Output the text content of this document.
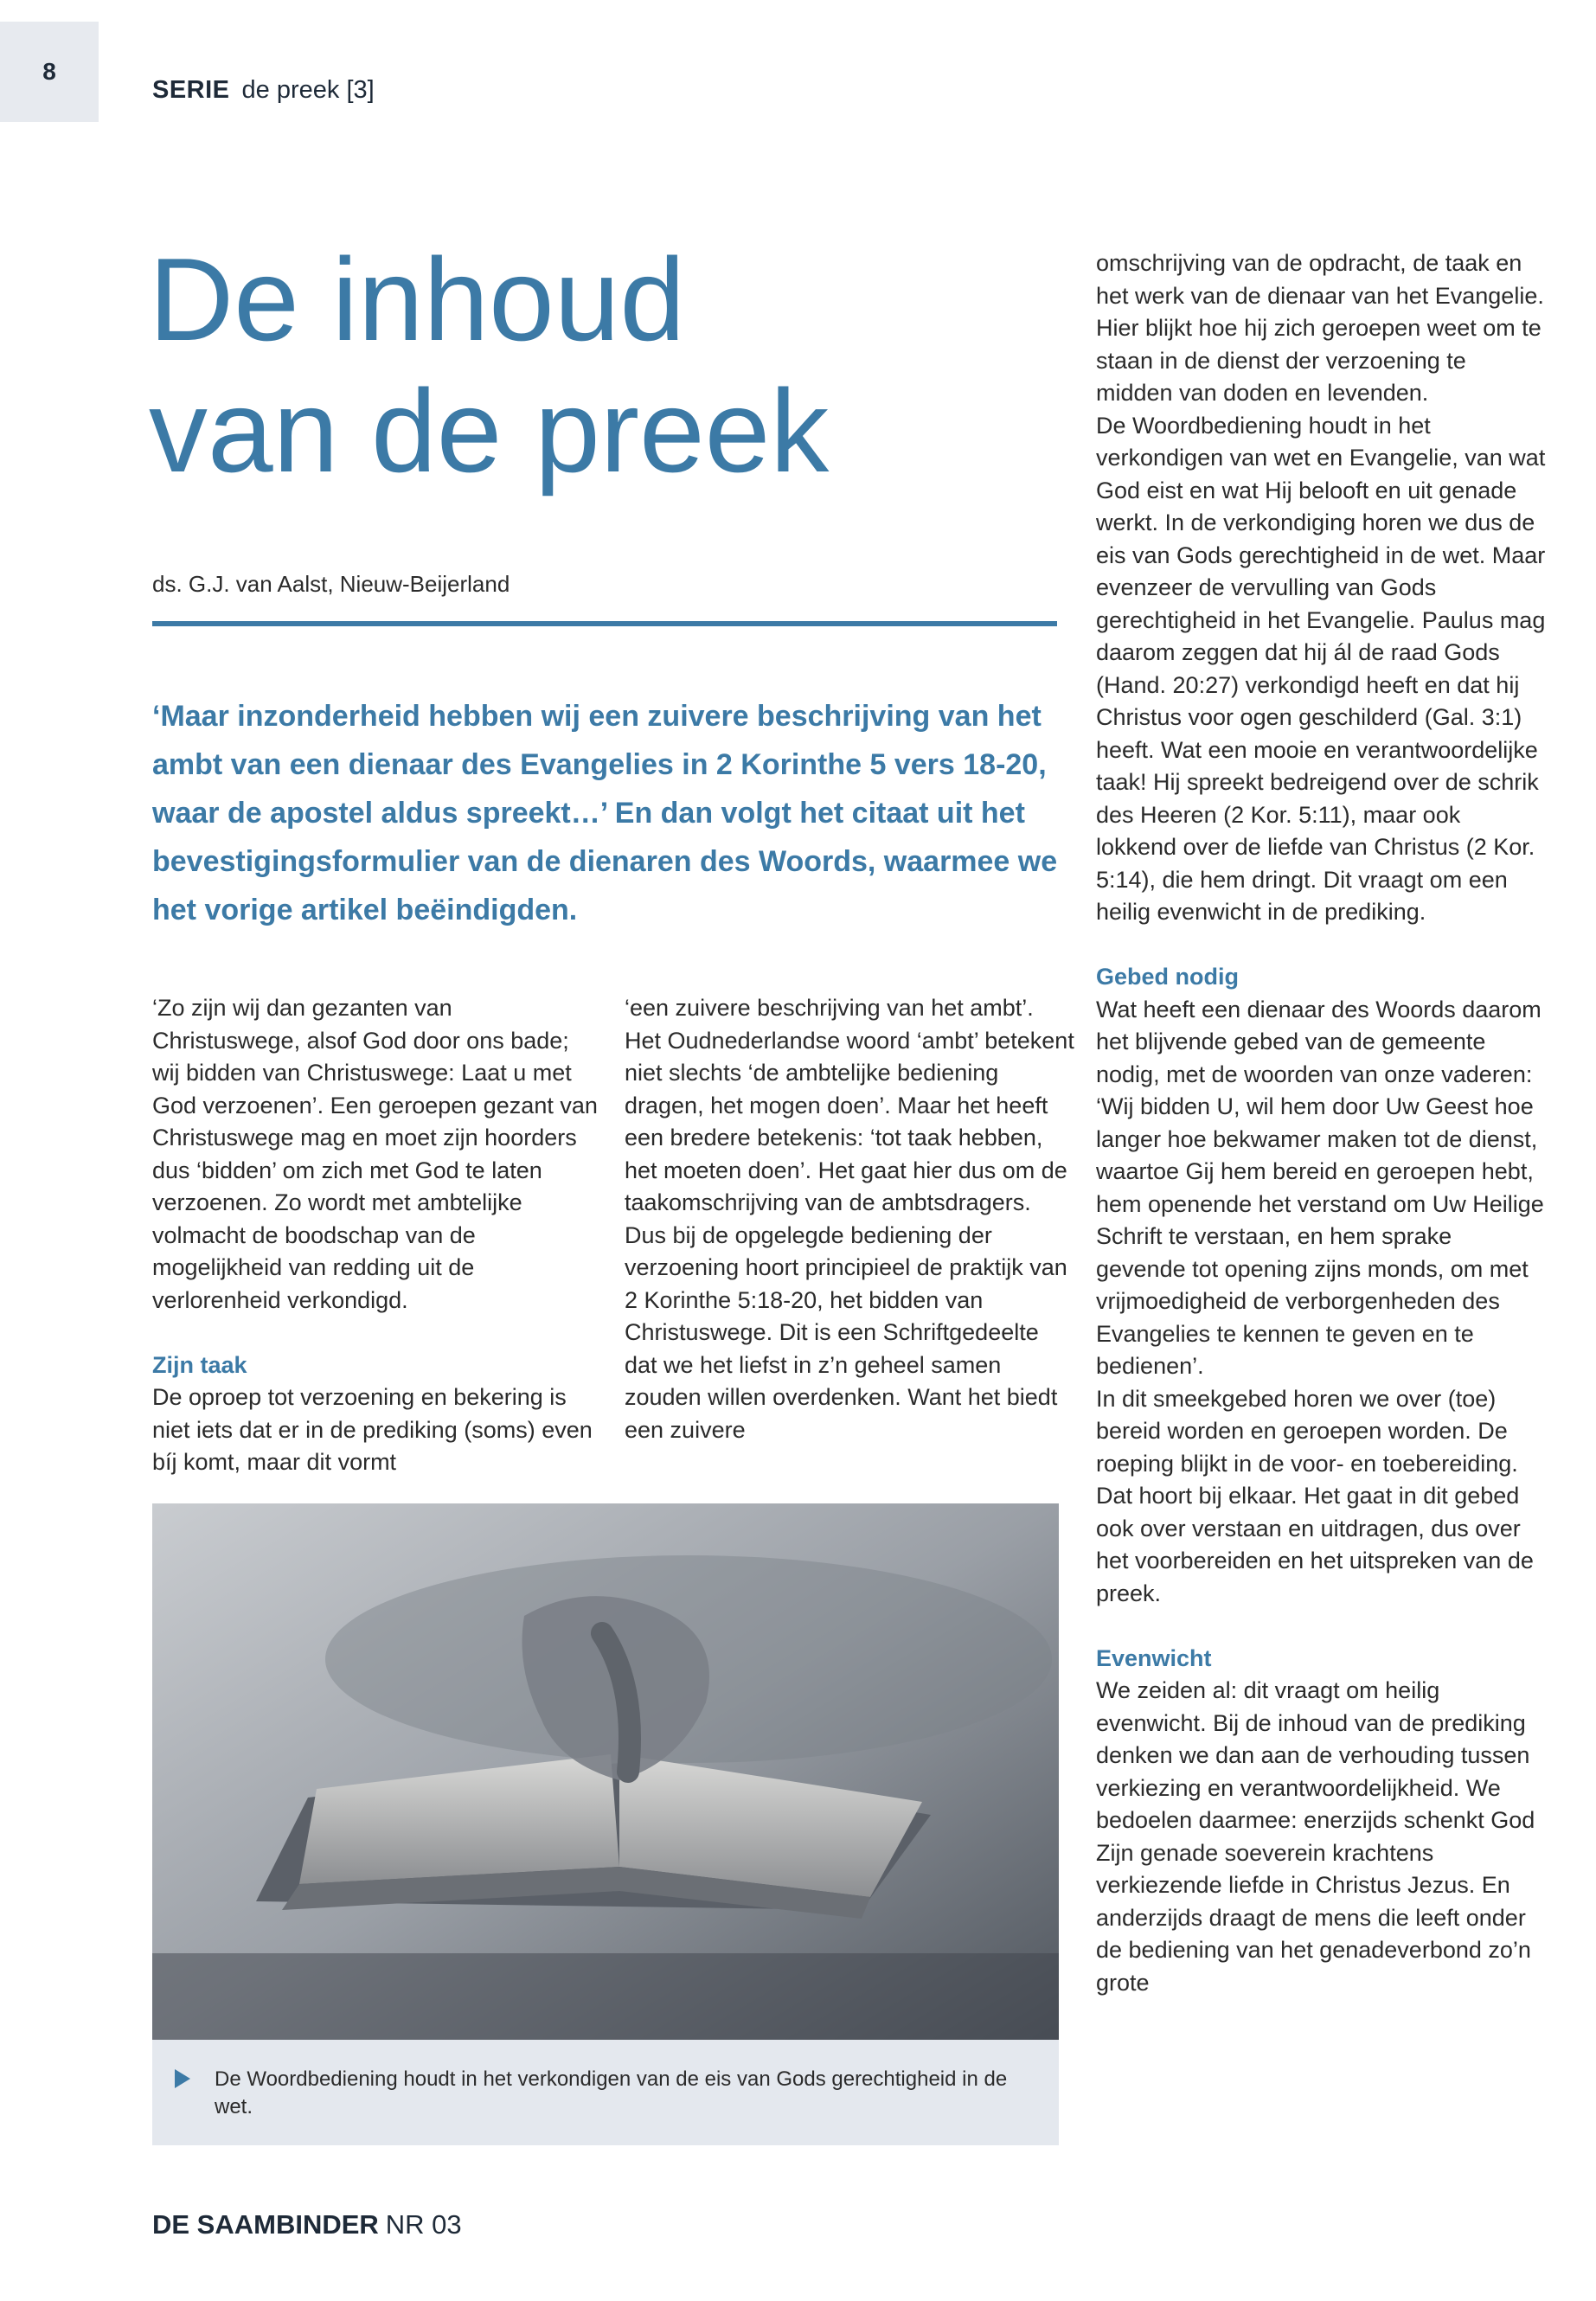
8
SERIE de preek [3]
De inhoud
van de preek
ds. G.J. van Aalst, Nieuw-Beijerland

‘Maar inzonderheid hebben wij een zuivere beschrijving van het ambt van een dienaar des Evangelies in 2 Korinthe 5 vers 18-20, waar de apostel aldus spreekt…’ En dan volgt het citaat uit het bevestigingsformulier van de dienaren des Woords, waarmee we het vorige artikel beëindigden.

‘Zo zijn wij dan gezanten van Christuswege, alsof God door ons bade; wij bidden van Christuswege: Laat u met God verzoenen’. Een geroepen gezant van Christuswege mag en moet zijn hoorders dus ‘bidden’ om zich met God te laten verzoenen. Zo wordt met ambtelijke volmacht de boodschap van de mogelijkheid van redding uit de verlorenheid verkondigd.

Zijn taak

De oproep tot verzoening en bekering is niet iets dat er in de prediking (soms) even bíj komt, maar dit vormt

‘een zuivere beschrijving van het ambt’. Het Oudnederlandse woord ‘ambt’ betekent niet slechts ‘de ambtelijke bediening dragen, het mogen doen’. Maar het heeft een bredere betekenis: ‘tot taak hebben, het moeten doen’. Het gaat hier dus om de taakomschrijving van de ambtsdragers. Dus bij de opgelegde bediening der verzoening hoort principieel de praktijk van 2 Korinthe 5:18-20, het bidden van Christuswege. Dit is een Schriftgedeelte dat we het liefst in z’n geheel samen zouden willen overdenken. Want het biedt een zuivere

omschrijving van de opdracht, de taak en het werk van de dienaar van het Evangelie. Hier blijkt hoe hij zich geroepen weet om te staan in de dienst der verzoening te midden van doden en levenden.

De Woordbediening houdt in het verkondigen van wet en Evangelie, van wat God eist en wat Hij belooft en uit genade werkt. In de verkondiging horen we dus de eis van Gods gerechtigheid in de wet. Maar evenzeer de vervulling van Gods gerechtigheid in het Evangelie. Paulus mag daarom zeggen dat hij ál de raad Gods (Hand. 20:27) verkondigd heeft en dat hij Christus voor ogen geschilderd (Gal. 3:1) heeft. Wat een mooie en verantwoordelijke taak! Hij spreekt bedreigend over de schrik des Heeren (2 Kor. 5:11), maar ook lokkend over de liefde van Christus (2 Kor. 5:14), die hem dringt. Dit vraagt om een heilig evenwicht in de prediking.

Gebed nodig

Wat heeft een dienaar des Woords daarom het blijvende gebed van de gemeente nodig, met de woorden van onze vaderen: ‘Wij bidden U, wil hem door Uw Geest hoe langer hoe bekwamer maken tot de dienst, waartoe Gij hem bereid en geroepen hebt, hem openende het verstand om Uw Heilige Schrift te verstaan, en hem sprake gevende tot opening zijns monds, om met vrijmoedigheid de verborgenheden des Evangelies te kennen te geven en te bedienen’.

In dit smeekgebed horen we over (toe) bereid worden en geroepen worden. De roeping blijkt in de voor- en toebereiding. Dat hoort bij elkaar. Het gaat in dit gebed ook over verstaan en uitdragen, dus over het voorbereiden en het uitspreken van de preek.

Evenwicht

We zeiden al: dit vraagt om heilig evenwicht. Bij de inhoud van de prediking denken we dan aan de verhouding tussen verkiezing en verantwoordelijkheid. We bedoelen daarmee: enerzijds schenkt God Zijn genade soeverein krachtens verkiezende liefde in Christus Jezus. En anderzijds draagt de mens die leeft onder de bediening van het genadeverbond zo’n grote

De Woordbediening houdt in het verkondigen van de eis van Gods gerechtigheid in de wet.
DE SAAMBINDER NR 03
